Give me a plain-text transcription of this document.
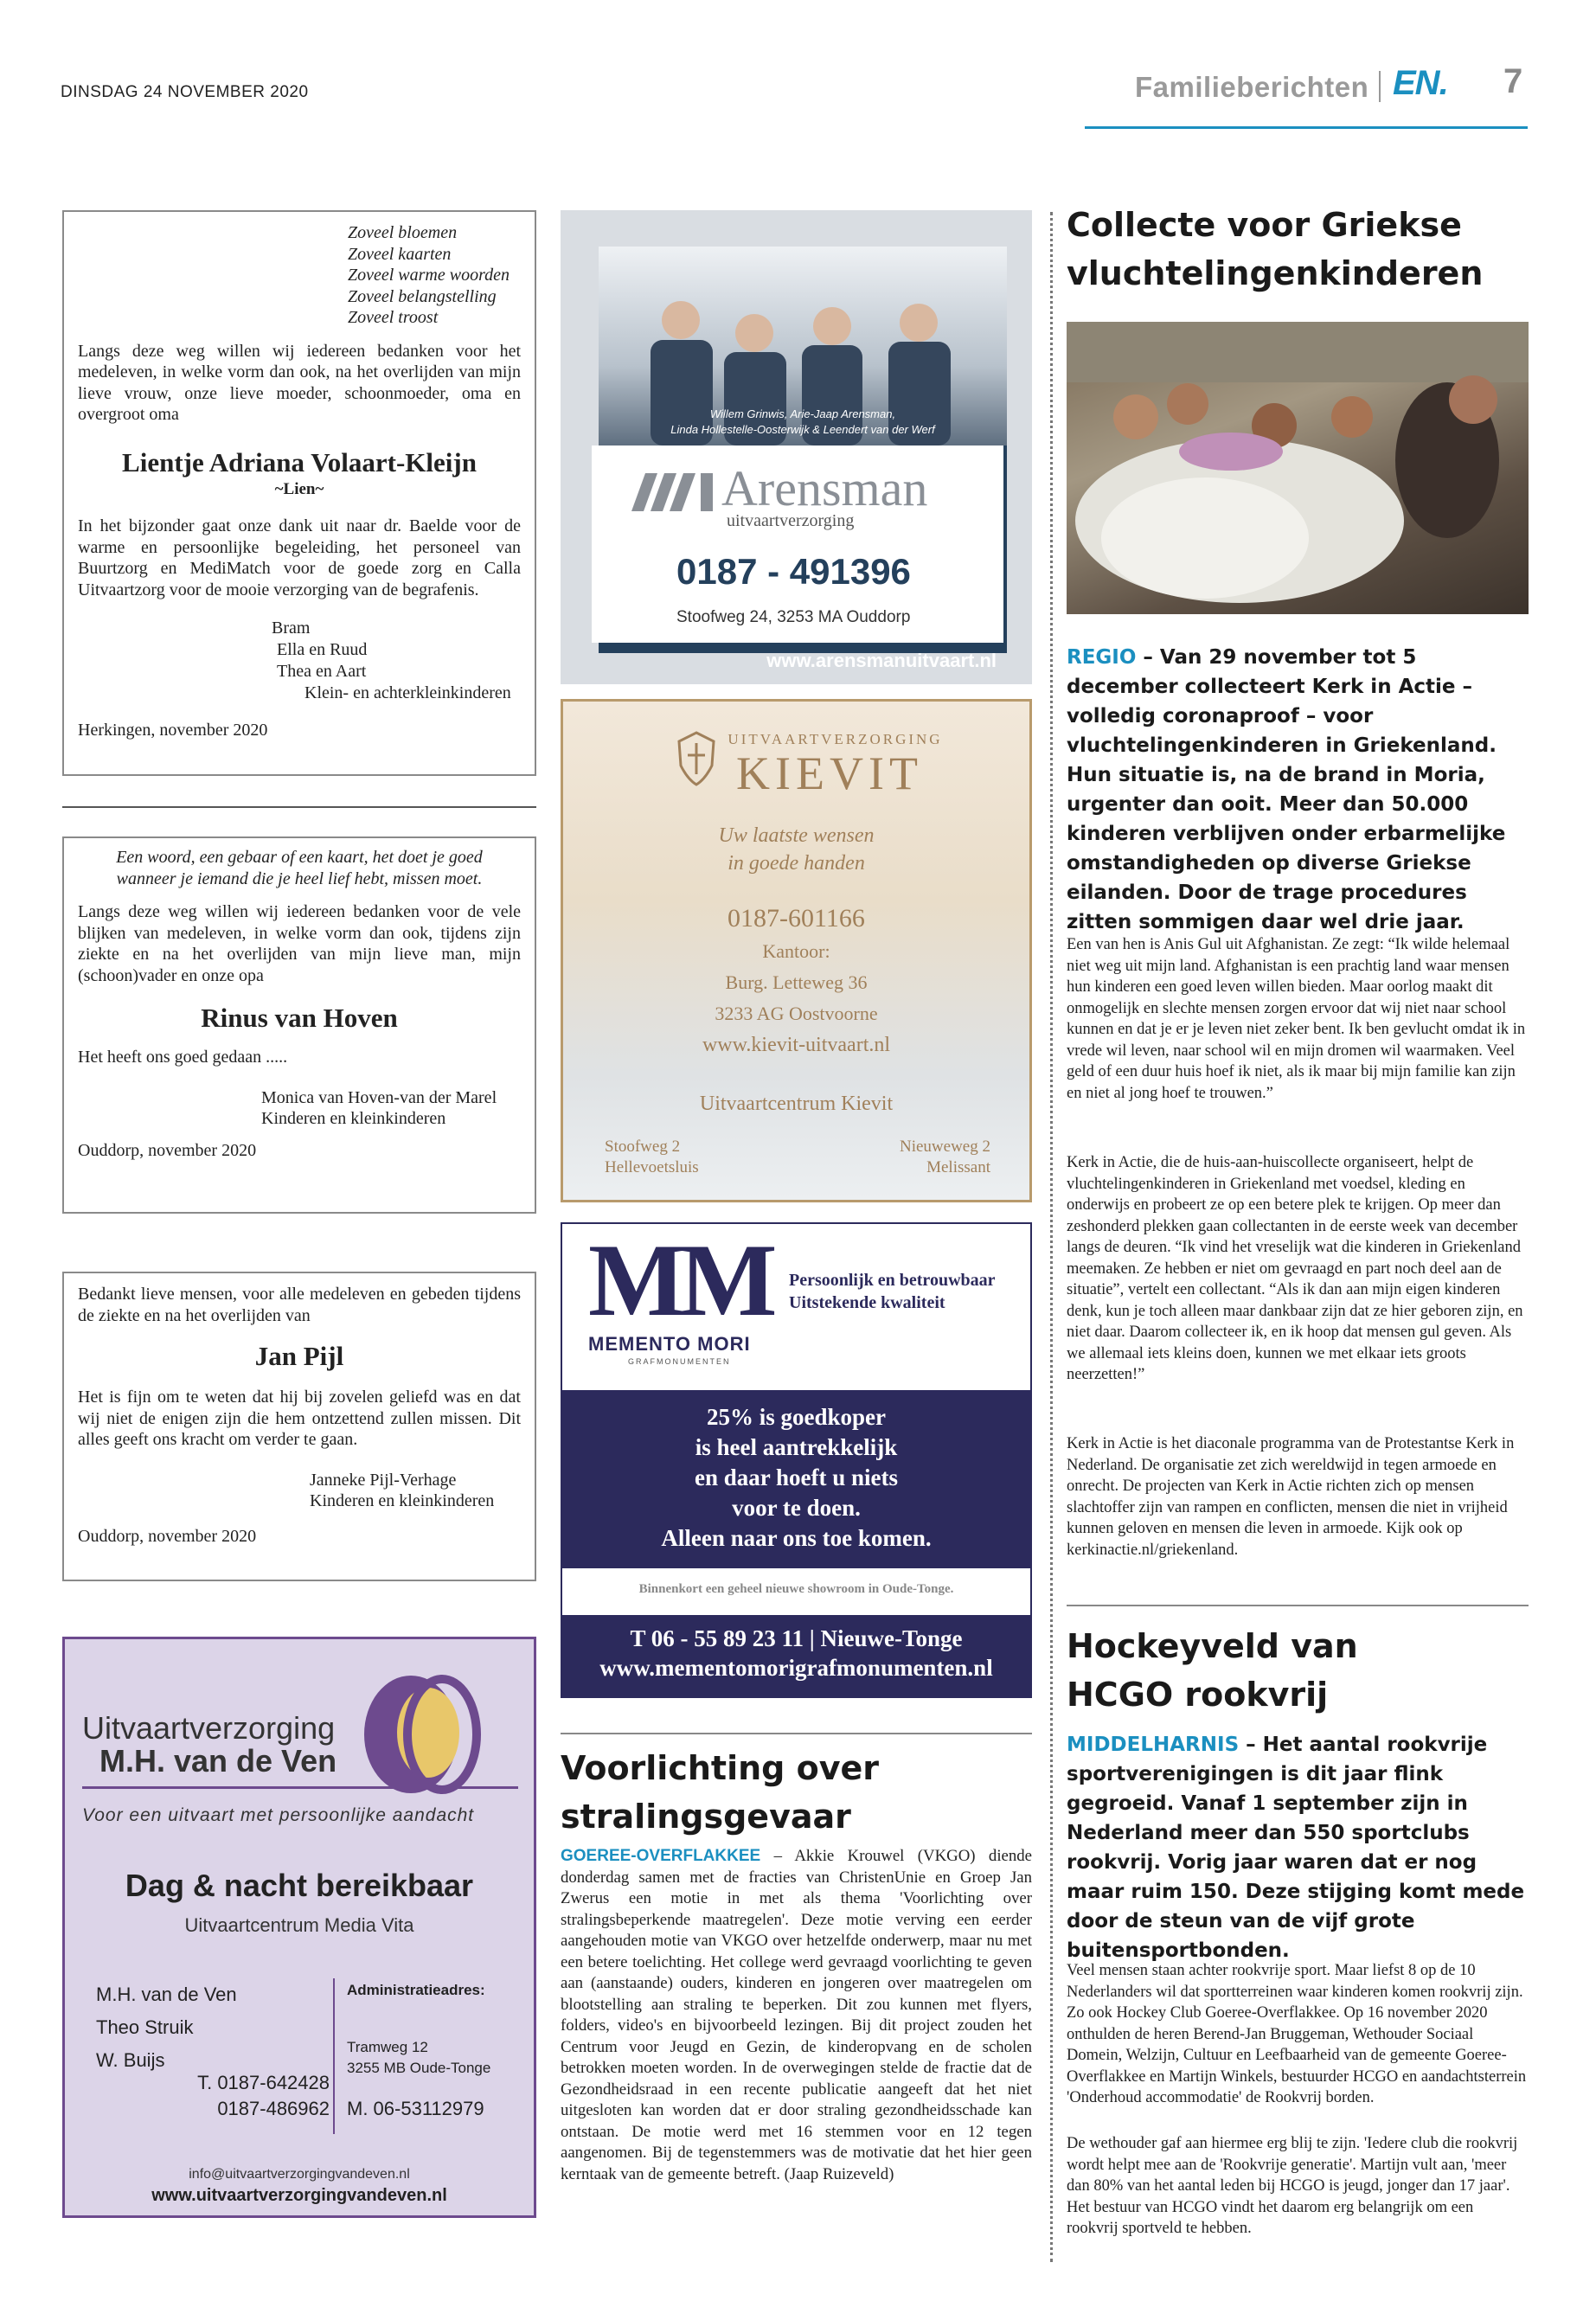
DINSDAG 24 NOVEMBER 2020	Familieberichten EN. 7
Zoveel bloemen
Zoveel kaarten
Zoveel warme woorden
Zoveel belangstelling
Zoveel troost

Langs deze weg willen wij iedereen bedanken voor het medeleven, in welke vorm dan ook, na het overlijden van mijn lieve vrouw, onze lieve moeder, schoonmoeder, oma en overgroot oma

Lientje Adriana Volaart-Kleijn
~Lien~

In het bijzonder gaat onze dank uit naar dr. Baelde voor de warme en persoonlijke begeleiding, het personeel van Buurtzorg en MediMatch voor de goede zorg en Calla Uitvaartzorg voor de mooie verzorging van de begrafenis.

Bram
Ella en Ruud
Thea en Aart
Klein- en achterkleinkinderen
Herkingen, november 2020

Een woord, een gebaar of een kaart, het doet je goed wanneer je iemand die je heel lief hebt, missen moet.

Langs deze weg willen wij iedereen bedanken voor de vele blijken van medeleven, in welke vorm dan ook, tijdens zijn ziekte en na het overlijden van mijn lieve man, mijn (schoon)vader en onze opa

Rinus van Hoven
Het heeft ons goed gedaan .....
Monica van Hoven-van der Marel
Kinderen en kleinkinderen
Ouddorp, november 2020

Bedankt lieve mensen, voor alle medeleven en gebeden tijdens de ziekte en na het overlijden van

Jan Pijl

Het is fijn om te weten dat hij bij zovelen geliefd was en dat wij niet de enigen zijn die hem ontzettend zullen missen. Dit alles geeft ons kracht om verder te gaan.

Janneke Pijl-Verhage
Kinderen en kleinkinderen
Ouddorp, november 2020
Uitvaartverzorging
M.H. van de Ven
Voor een uitvaart met persoonlijke aandacht
Dag & nacht bereikbaar
Uitvaartcentrum Media Vita
M.H. van de Ven
Theo Struik
W. Buijs
T. 0187-642428
0187-486962
Administratieadres:
Tramweg 12
3255 MB Oude-Tonge
M. 06-53112979
info@uitvaartverzorgingvandeven.nl
www.uitvaartverzorgingvandeven.nl
Willem Grinwis, Arie-Jaap Arensman,
Linda Hollestelle-Oosterwijk & Leendert van der Werf
Arensman
uitvaartverzorging
0187 - 491396
Stoofweg 24, 3253 MA Ouddorp
www.arensmanuitvaart.nl
UITVAARTVERZORGING
KIEVIT
Uw laatste wensen
in goede handen
0187-601166
Kantoor:
Burg. Letteweg 36
3233 AG Oostvoorne
www.kievit-uitvaart.nl
Uitvaartcentrum Kievit
Stoofweg 2
Hellevoetsluis
Nieuweweg 2
Melissant
MM
MEMENTO MORI
GRAFMONUMENTEN
Persoonlijk en betrouwbaar
Uitstekende kwaliteit
25% is goedkoper
is heel aantrekkelijk
en daar hoeft u niets
voor te doen.
Alleen naar ons toe komen.
Binnenkort een geheel nieuwe showroom in Oude-Tonge.
T 06 - 55 89 23 11 | Nieuwe-Tonge
www.mementomorigrafmonumenten.nl
Voorlichting over stralingsgevaar

GOEREE-OVERFLAKKEE – Akkie Krouwel (VKGO) diende donderdag samen met de fracties van ChristenUnie en Groep Jan Zwerus een motie in met als thema 'Voorlichting over stralingsbeperkende maatregelen'. Deze motie verving een eerder aangehouden motie van VKGO over hetzelfde onderwerp, maar nu met een betere toelichting. Het college werd gevraagd voorlichting te geven aan (aanstaande) ouders, kinderen en jongeren over maatregelen om blootstelling aan straling te beperken. Dit zou kunnen met flyers, folders, video's en bijvoorbeeld lezingen. Bij dit project zouden het Centrum voor Jeugd en Gezin, de kinderopvang en de scholen betrokken moeten worden. In de overwegingen stelde de fractie dat de Gezondheidsraad in een recente publicatie aangeeft dat het niet uitgesloten kan worden dat er door straling gezondheidsschade kan ontstaan. De motie werd met 16 stemmen voor en 12 tegen aangenomen. Bij de tegenstemmers was de motivatie dat het hier geen kerntaak van de gemeente betreft. (Jaap Ruizeveld)

Collecte voor Griekse vluchtelingenkinderen
REGIO – Van 29 november tot 5 december collecteert Kerk in Actie – volledig coronaproof – voor vluchtelingenkinderen in Griekenland. Hun situatie is, na de brand in Moria, urgenter dan ooit. Meer dan 50.000 kinderen verblijven onder erbarmelijke omstandigheden op diverse Griekse eilanden. Door de trage procedures zitten sommigen daar wel drie jaar.

Een van hen is Anis Gul uit Afghanistan. Ze zegt: “Ik wilde helemaal niet weg uit mijn land. Afghanistan is een prachtig land waar mensen hun kinderen een goed leven willen bieden. Maar oorlog maakt dit onmogelijk en slechte mensen zorgen ervoor dat wij niet naar school kunnen en dat je er je leven niet zeker bent. Ik ben gevlucht omdat ik in vrede wil leven, naar school wil en mijn dromen wil waarmaken. Veel geld of een duur huis hoef ik niet, als ik maar bij mijn familie kan zijn en niet al jong hoef te trouwen.”

Kerk in Actie, die de huis-aan-huiscollecte organiseert, helpt de vluchtelingenkinderen in Griekenland met voedsel, kleding en onderwijs en probeert ze op een betere plek te krijgen. Op meer dan zeshonderd plekken gaan collectanten in de eerste week van december langs de deuren. “Ik vind het vreselijk wat die kinderen in Griekenland meemaken. Ze hebben er niet om gevraagd en part noch deel aan de situatie”, vertelt een collectant. “Als ik dan aan mijn eigen kinderen denk, kun je toch alleen maar dankbaar zijn dat ze hier geboren zijn, en niet daar. Daarom collecteer ik, en ik hoop dat mensen gul geven. Als we allemaal iets kleins doen, kunnen we met elkaar iets groots neerzetten!”

Kerk in Actie is het diaconale programma van de Protestantse Kerk in Nederland. De organisatie zet zich wereldwijd in tegen armoede en onrecht. De projecten van Kerk in Actie richten zich op mensen slachtoffer zijn van rampen en conflicten, mensen die niet in vrijheid kunnen geloven en mensen die leven in armoede. Kijk ook op kerkinactie.nl/griekenland.

Hockeyveld van HCGO rookvrij
MIDDELHARNIS – Het aantal rookvrije sportverenigingen is dit jaar flink gegroeid. Vanaf 1 september zijn in Nederland meer dan 550 sportclubs rookvrij. Vorig jaar waren dat er nog maar ruim 150. Deze stijging komt mede door de steun van de vijf grote buitensportbonden.

Veel mensen staan achter rookvrije sport. Maar liefst 8 op de 10 Nederlanders wil dat sportterreinen waar kinderen komen rookvrij zijn. Zo ook Hockey Club Goeree-Overflakkee. Op 16 november 2020 onthulden de heren Berend-Jan Bruggeman, Wethouder Sociaal Domein, Welzijn, Cultuur en Leefbaarheid van de gemeente Goeree-Overflakkee en Martijn Winkels, bestuurder HCGO en aandachtsterrein 'Onderhoud accommodatie' de Rookvrij borden.

De wethouder gaf aan hiermee erg blij te zijn. 'Iedere club die rookvrij wordt helpt mee aan de 'Rookvrije generatie'. Martijn vult aan, 'meer dan 80% van het aantal leden bij HCGO is jeugd, jonger dan 17 jaar'. Het bestuur van HCGO vindt het daarom erg belangrijk om een rookvrij sportveld te hebben.
